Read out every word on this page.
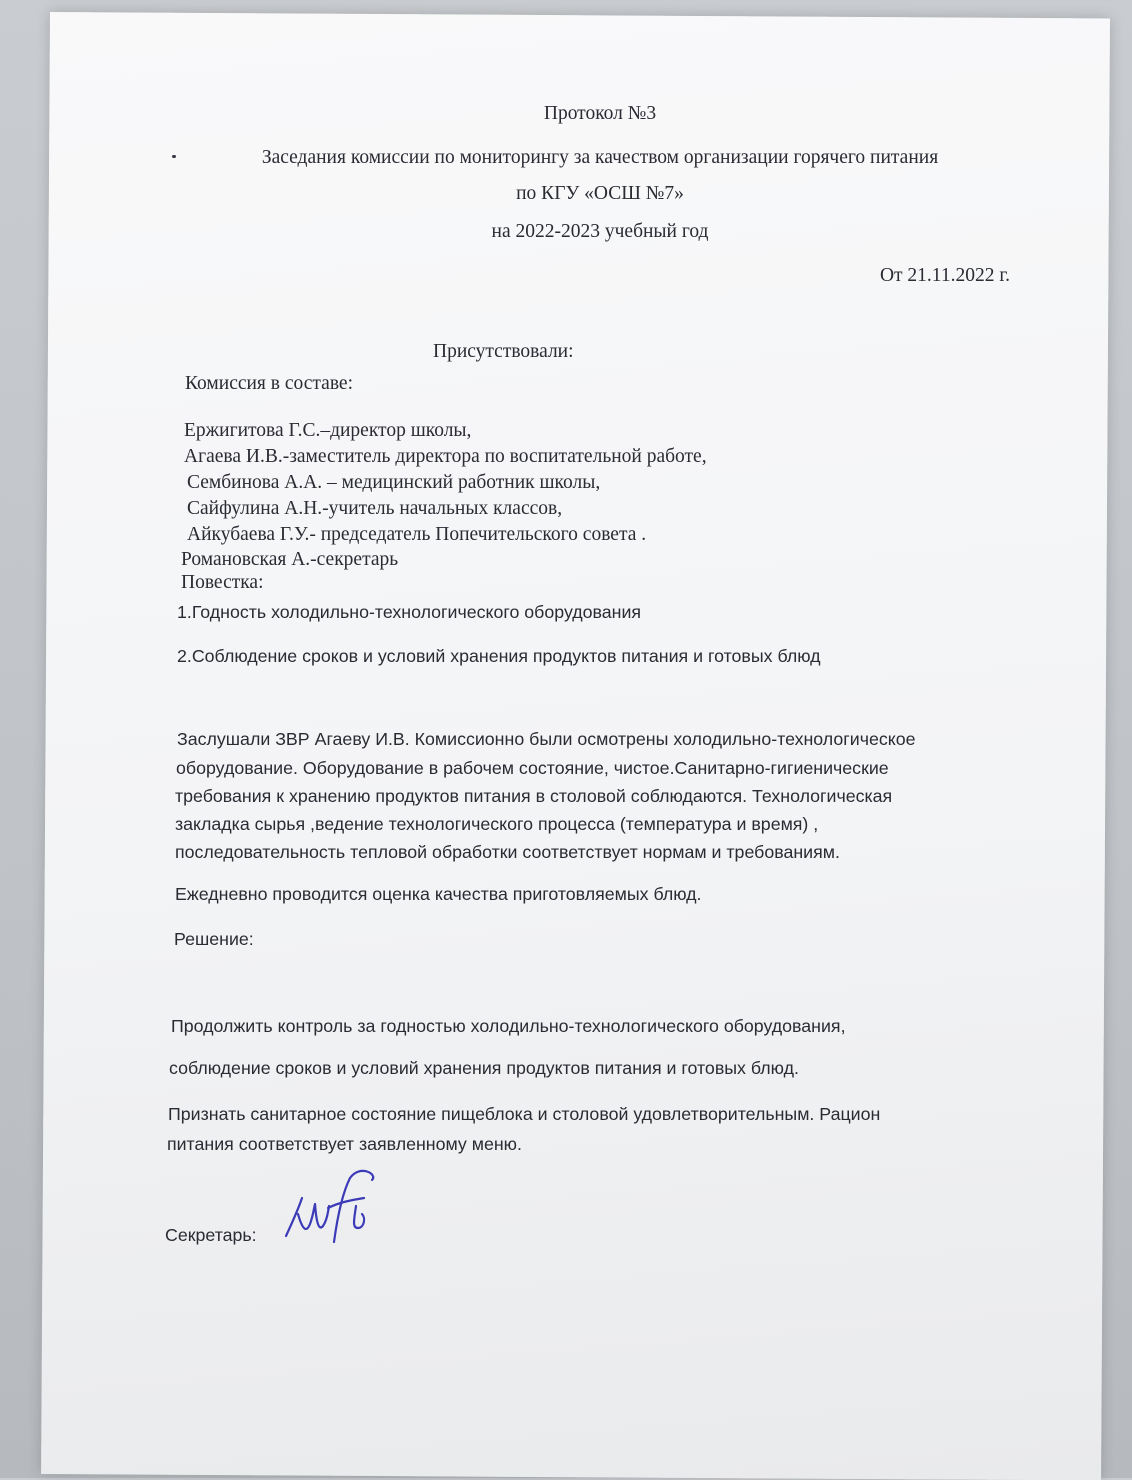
Протокол №3
Заседания комиссии по мониторингу за качеством организации горячего питания
по КГУ «ОСШ №7»
на 2022-2023 учебный год
От 21.11.2022 г.
Присутствовали:
Комиссия в составе:
Ержигитова Г.С.–директор школы,
Агаева И.В.-заместитель директора по воспитательной работе,
Сембинова А.А. – медицинский работник школы,
Сайфулина А.Н.-учитель начальных классов,
Айкубаева Г.У.- председатель Попечительского совета .
Романовская А.-секретарь
Повестка:
1.Годность холодильно-технологического оборудования
2.Соблюдение сроков и условий хранения продуктов питания и готовых блюд
Заслушали ЗВР Агаеву И.В. Комиссионно были осмотрены холодильно-технологическое
оборудование. Оборудование в рабочем состояние, чистое.Санитарно-гигиенические
требования к хранению продуктов питания в столовой соблюдаются. Технологическая
закладка сырья ,ведение технологического процесса (температура и время) ,
последовательность тепловой обработки соответствует нормам и требованиям.
Ежедневно проводится оценка качества приготовляемых блюд.
Решение:
Продолжить контроль за годностью холодильно-технологического оборудования,
соблюдение сроков и условий хранения продуктов питания и готовых блюд.
Признать санитарное состояние пищеблока и столовой удовлетворительным. Рацион
питания соответствует заявленному меню.
Секретарь:
